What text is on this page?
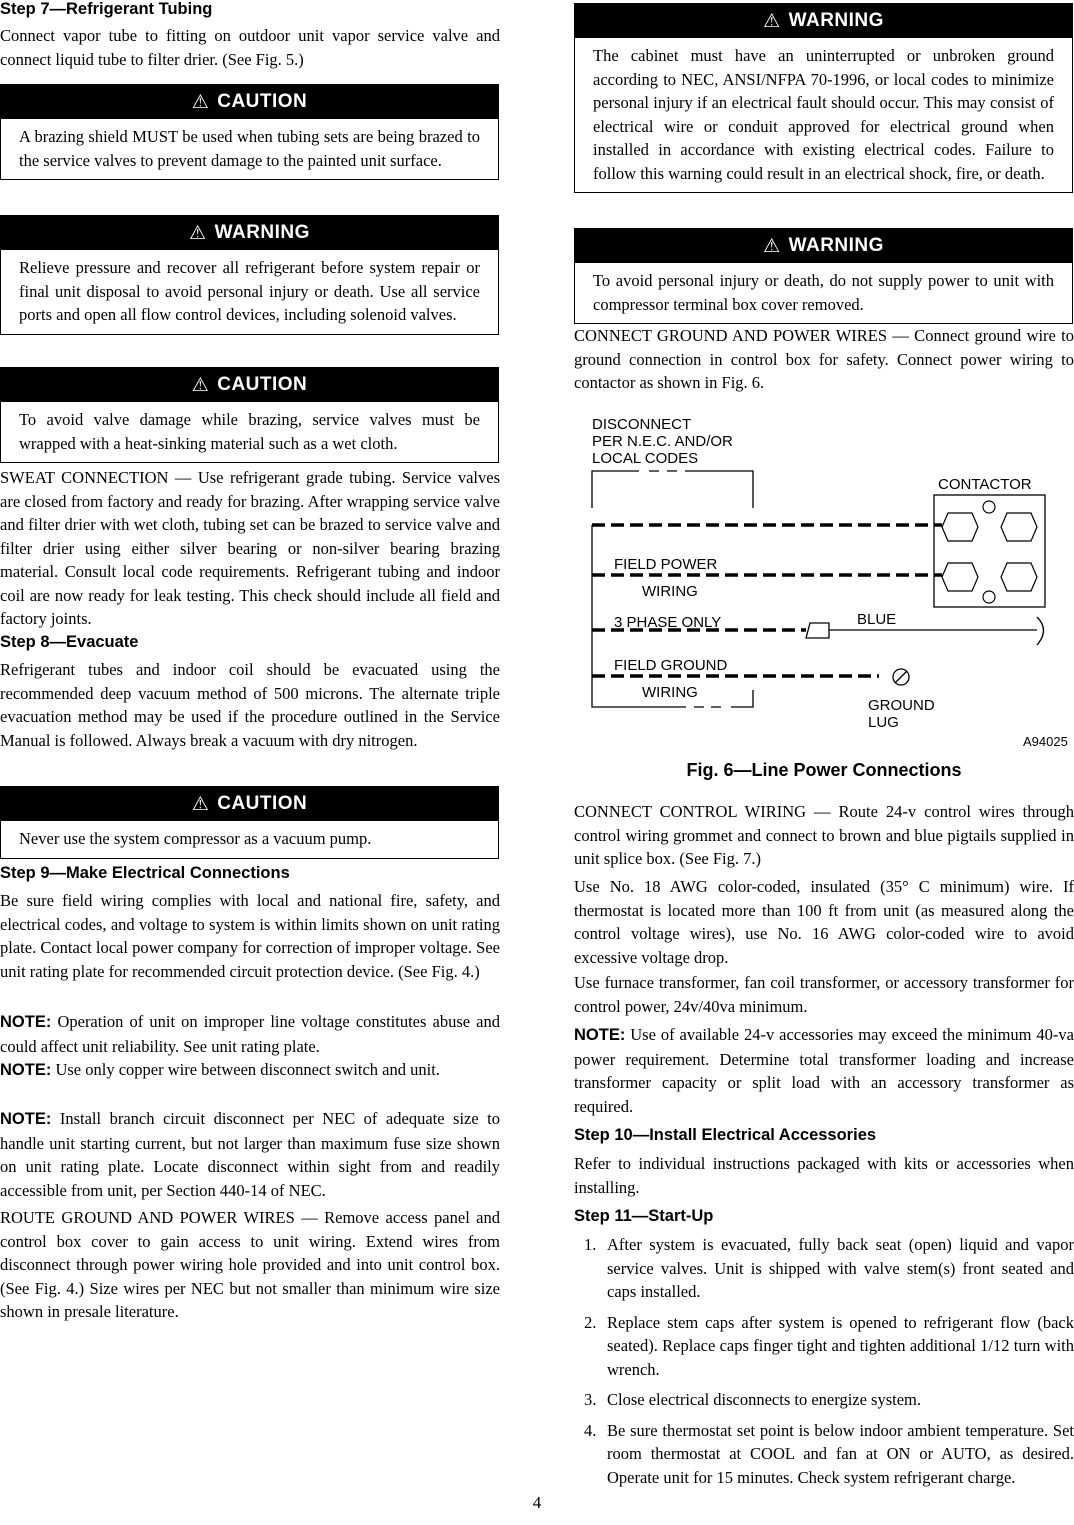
Step 7—Refrigerant Tubing

Connect vapor tube to fitting on outdoor unit vapor service valve and connect liquid tube to filter drier. (See Fig. 5.)

⚠ CAUTION
A brazing shield MUST be used when tubing sets are being brazed to the service valves to prevent damage to the painted unit surface.
⚠ WARNING
Relieve pressure and recover all refrigerant before system repair or final unit disposal to avoid personal injury or death. Use all service ports and open all flow control devices, including solenoid valves.
⚠ CAUTION
To avoid valve damage while brazing, service valves must be wrapped with a heat-sinking material such as a wet cloth.

SWEAT CONNECTION — Use refrigerant grade tubing. Service valves are closed from factory and ready for brazing. After wrapping service valve and filter drier with wet cloth, tubing set can be brazed to service valve and filter drier using either silver bearing or non-silver bearing brazing material. Consult local code requirements. Refrigerant tubing and indoor coil are now ready for leak testing. This check should include all field and factory joints.

Step 8—Evacuate

Refrigerant tubes and indoor coil should be evacuated using the recommended deep vacuum method of 500 microns. The alternate triple evacuation method may be used if the procedure outlined in the Service Manual is followed. Always break a vacuum with dry nitrogen.

⚠ CAUTION
Never use the system compressor as a vacuum pump.
Step 9—Make Electrical Connections

Be sure field wiring complies with local and national fire, safety, and electrical codes, and voltage to system is within limits shown on unit rating plate. Contact local power company for correction of improper voltage. See unit rating plate for recommended circuit protection device. (See Fig. 4.)

NOTE: Operation of unit on improper line voltage constitutes abuse and could affect unit reliability. See unit rating plate.

NOTE: Use only copper wire between disconnect switch and unit.

NOTE: Install branch circuit disconnect per NEC of adequate size to handle unit starting current, but not larger than maximum fuse size shown on unit rating plate. Locate disconnect within sight from and readily accessible from unit, per Section 440-14 of NEC.

ROUTE GROUND AND POWER WIRES — Remove access panel and control box cover to gain access to unit wiring. Extend wires from disconnect through power wiring hole provided and into unit control box. (See Fig. 4.) Size wires per NEC but not smaller than minimum wire size shown in presale literature.

⚠ WARNING
The cabinet must have an uninterrupted or unbroken ground according to NEC, ANSI/NFPA 70-1996, or local codes to minimize personal injury if an electrical fault should occur. This may consist of electrical wire or conduit approved for electrical ground when installed in accordance with existing electrical codes. Failure to follow this warning could result in an electrical shock, fire, or death.
⚠ WARNING
To avoid personal injury or death, do not supply power to unit with compressor terminal box cover removed.

CONNECT GROUND AND POWER WIRES — Connect ground wire to ground connection in control box for safety. Connect power wiring to contactor as shown in Fig. 6.

DISCONNECT
PER N.E.C. AND/OR
LOCAL CODES
CONTACTOR
FIELD POWER
WIRING
3 PHASE ONLY
FIELD GROUND
WIRING
BLUE
GROUND
LUG
A94025
Fig. 6—Line Power Connections

CONNECT CONTROL WIRING — Route 24-v control wires through control wiring grommet and connect to brown and blue pigtails supplied in unit splice box. (See Fig. 7.)

Use No. 18 AWG color-coded, insulated (35° C minimum) wire. If thermostat is located more than 100 ft from unit (as measured along the control voltage wires), use No. 16 AWG color-coded wire to avoid excessive voltage drop.

Use furnace transformer, fan coil transformer, or accessory transformer for control power, 24v/40va minimum.

NOTE: Use of available 24-v accessories may exceed the minimum 40-va power requirement. Determine total transformer loading and increase transformer capacity or split load with an accessory transformer as required.

Step 10—Install Electrical Accessories

Refer to individual instructions packaged with kits or accessories when installing.

Step 11—Start-Up
1. After system is evacuated, fully back seat (open) liquid and vapor service valves. Unit is shipped with valve stem(s) front seated and caps installed.
2. Replace stem caps after system is opened to refrigerant flow (back seated). Replace caps finger tight and tighten additional 1/12 turn with wrench.
3. Close electrical disconnects to energize system.
4. Be sure thermostat set point is below indoor ambient temperature. Set room thermostat at COOL and fan at ON or AUTO, as desired. Operate unit for 15 minutes. Check system refrigerant charge.
4
